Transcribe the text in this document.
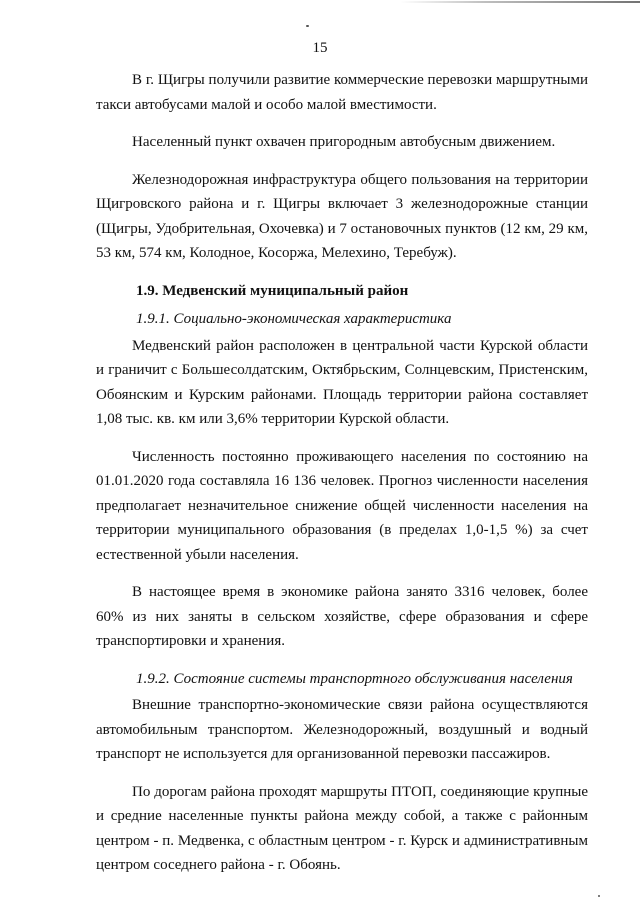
15

В г. Щигры получили развитие коммерческие перевозки маршрутными такси автобусами малой и особо малой вместимости.

Населенный пункт охвачен пригородным автобусным движением.

Железнодорожная инфраструктура общего пользования на территории Щигровского района и г. Щигры включает 3 железнодорожные станции (Щигры, Удобрительная, Охочевка) и 7 остановочных пунктов (12 км, 29 км, 53 км, 574 км, Колодное, Косоржа, Мелехино, Теребуж).

1.9. Медвенский муниципальный район

1.9.1. Социально-экономическая характеристика

Медвенский район расположен в центральной части Курской области и граничит с Большесолдатским, Октябрьским, Солнцевским, Пристенским, Обоянским и Курским районами. Площадь территории района составляет 1,08 тыс. кв. км или 3,6% территории Курской области.

Численность постоянно проживающего населения по состоянию на 01.01.2020 года составляла 16 136 человек. Прогноз численности населения предполагает незначительное снижение общей численности населения на территории муниципального образования (в пределах 1,0-1,5 %) за счет естественной убыли населения.

В настоящее время в экономике района занято 3316 человек, более 60% из них заняты в сельском хозяйстве, сфере образования и сфере транспортировки и хранения.

1.9.2. Состояние системы транспортного обслуживания населения

Внешние транспортно-экономические связи района осуществляются автомобильным транспортом. Железнодорожный, воздушный и водный транспорт не используется для организованной перевозки пассажиров.

По дорогам района проходят маршруты ПТОП, соединяющие крупные и средние населенные пункты района между собой, а также с районным центром - п. Медвенка, с областным центром - г. Курск и административным центром соседнего района - г. Обоянь.
